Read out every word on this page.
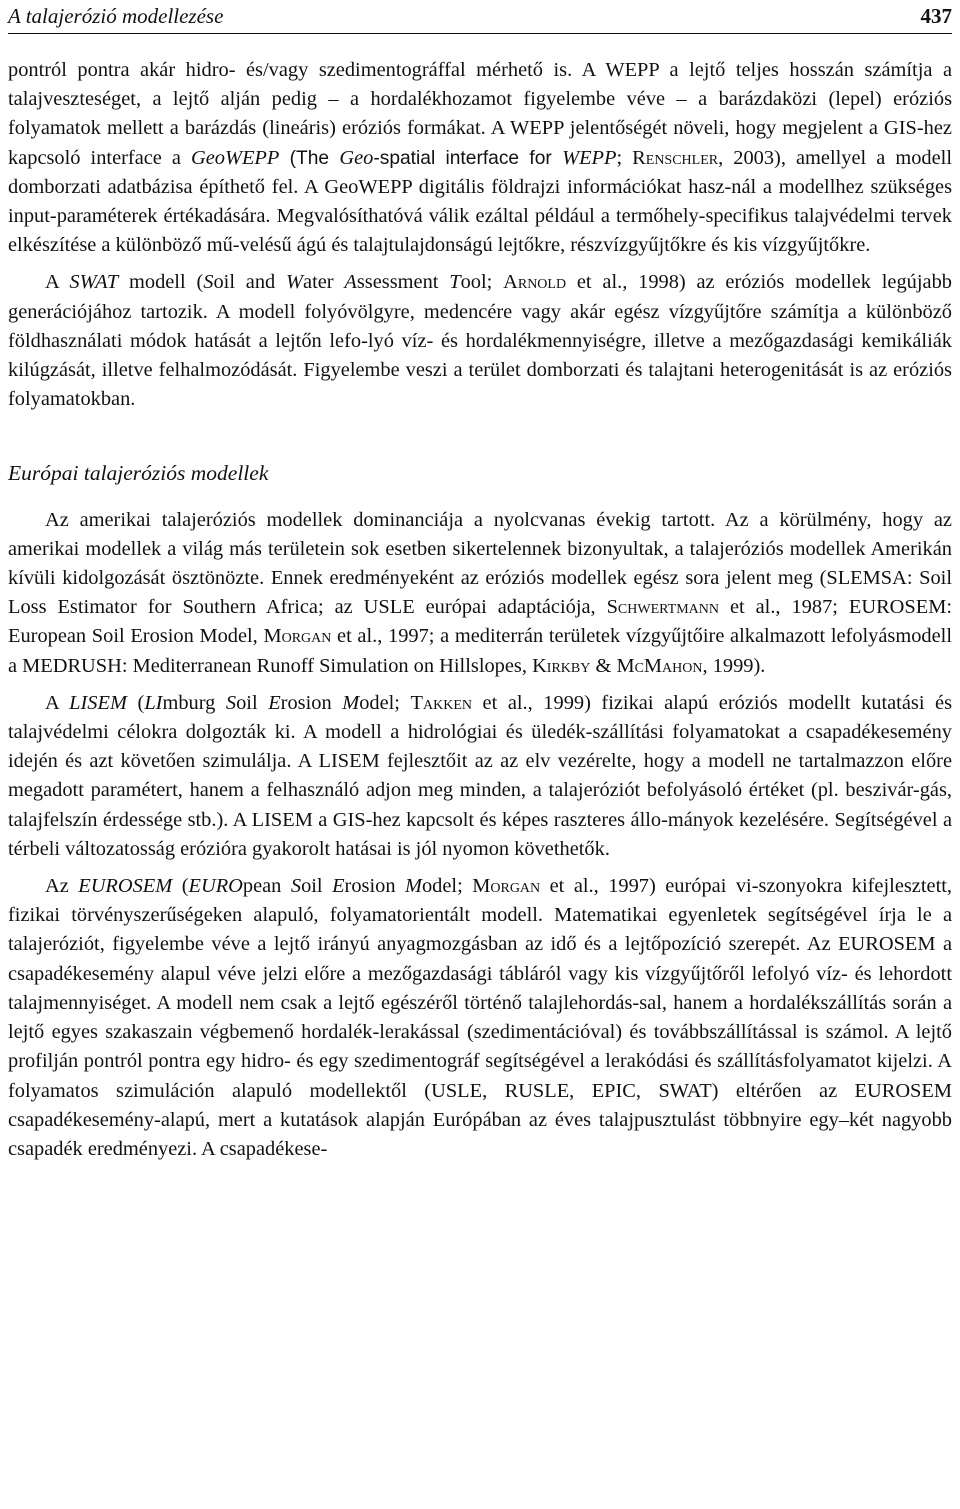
A talajerózió modellezése	437

pontról pontra akár hidro- és/vagy szedimentográffal mérhető is. A WEPP a lejtő teljes hosszán számítja a talajveszteséget, a lejtő alján pedig – a hordalékhozamot figyelembe véve – a barázdaközi (lepel) eróziós folyamatok mellett a barázdás (lineáris) eróziós formákat. A WEPP jelentőségét növeli, hogy megjelent a GIS-hez kapcsoló interface a GeoWEPP (The Geo-spatial interface for WEPP; Renschler, 2003), amellyel a modell domborzati adatbázisa építhető fel. A GeoWEPP digitális földrajzi információkat hasz-nál a modellhez szükséges input-paraméterek értékadására. Megvalósíthatóvá válik ezáltal például a termőhely-specifikus talajvédelmi tervek elkészítése a különböző mű-velésű ágú és talajtulajdonságú lejtőkre, részvízgyűjtőkre és kis vízgyűjtőkre.

A SWAT modell (Soil and Water Assessment Tool; Arnold et al., 1998) az eróziós modellek legújabb generációjához tartozik. A modell folyóvölgyre, medencére vagy akár egész vízgyűjtőre számítja a különböző földhasználati módok hatását a lejtőn lefo-lyó víz- és hordalékmennyiségre, illetve a mezőgazdasági kemikáliák kilúgzását, illetve felhalmozódását. Figyelembe veszi a terület domborzati és talajtani heterogenitását is az eróziós folyamatokban.

Európai talajeróziós modellek

Az amerikai talajeróziós modellek dominanciája a nyolcvanas évekig tartott. Az a körülmény, hogy az amerikai modellek a világ más területein sok esetben sikertelennek bizonyultak, a talajeróziós modellek Amerikán kívüli kidolgozását ösztönözte. Ennek eredményeként az eróziós modellek egész sora jelent meg (SLEMSA: Soil Loss Estimator for Southern Africa; az USLE európai adaptációja, Schwertmann et al., 1987; EUROSEM: European Soil Erosion Model, Morgan et al., 1997; a mediterrán területek vízgyűjtőire alkalmazott lefolyásmodell a MEDRUSH: Mediterranean Runoff Simulation on Hillslopes, Kirkby & McMahon, 1999).

A LISEM (LImburg Soil Erosion Model; Takken et al., 1999) fizikai alapú eróziós modellt kutatási és talajvédelmi célokra dolgozták ki. A modell a hidrológiai és üledék-szállítási folyamatokat a csapadékesemény idején és azt követően szimulálja. A LISEM fejlesztőit az az elv vezérelte, hogy a modell ne tartalmazzon előre megadott paramétert, hanem a felhasználó adjon meg minden, a talajeróziót befolyásoló értéket (pl. beszivár-gás, talajfelszín érdessége stb.). A LISEM a GIS-hez kapcsolt és képes raszteres állo-mányok kezelésére. Segítségével a térbeli változatosság erózióra gyakorolt hatásai is jól nyomon követhetők.

Az EUROSEM (EUROpean Soil Erosion Model; Morgan et al., 1997) európai vi-szonyokra kifejlesztett, fizikai törvényszerűségeken alapuló, folyamatorientált modell. Matematikai egyenletek segítségével írja le a talajeróziót, figyelembe véve a lejtő irányú anyagmozgásban az idő és a lejtőpozíció szerepét. Az EUROSEM a csapadékesemény alapul véve jelzi előre a mezőgazdasági tábláról vagy kis vízgyűjtőről lefolyó víz- és lehordott talajmennyiséget. A modell nem csak a lejtő egészéről történő talajlehordás-sal, hanem a hordalékszállítás során a lejtő egyes szakaszain végbemenő hordalék-lerakással (szedimentációval) és továbbszállítással is számol. A lejtő profilján pontról pontra egy hidro- és egy szedimentográf segítségével a lerakódási és szállításfolyamatot kijelzi. A folyamatos szimuláción alapuló modellektől (USLE, RUSLE, EPIC, SWAT) eltérően az EUROSEM csapadékesemény-alapú, mert a kutatások alapján Európában az éves talajpusztulást többnyire egy–két nagyobb csapadék eredményezi. A csapadékese-
